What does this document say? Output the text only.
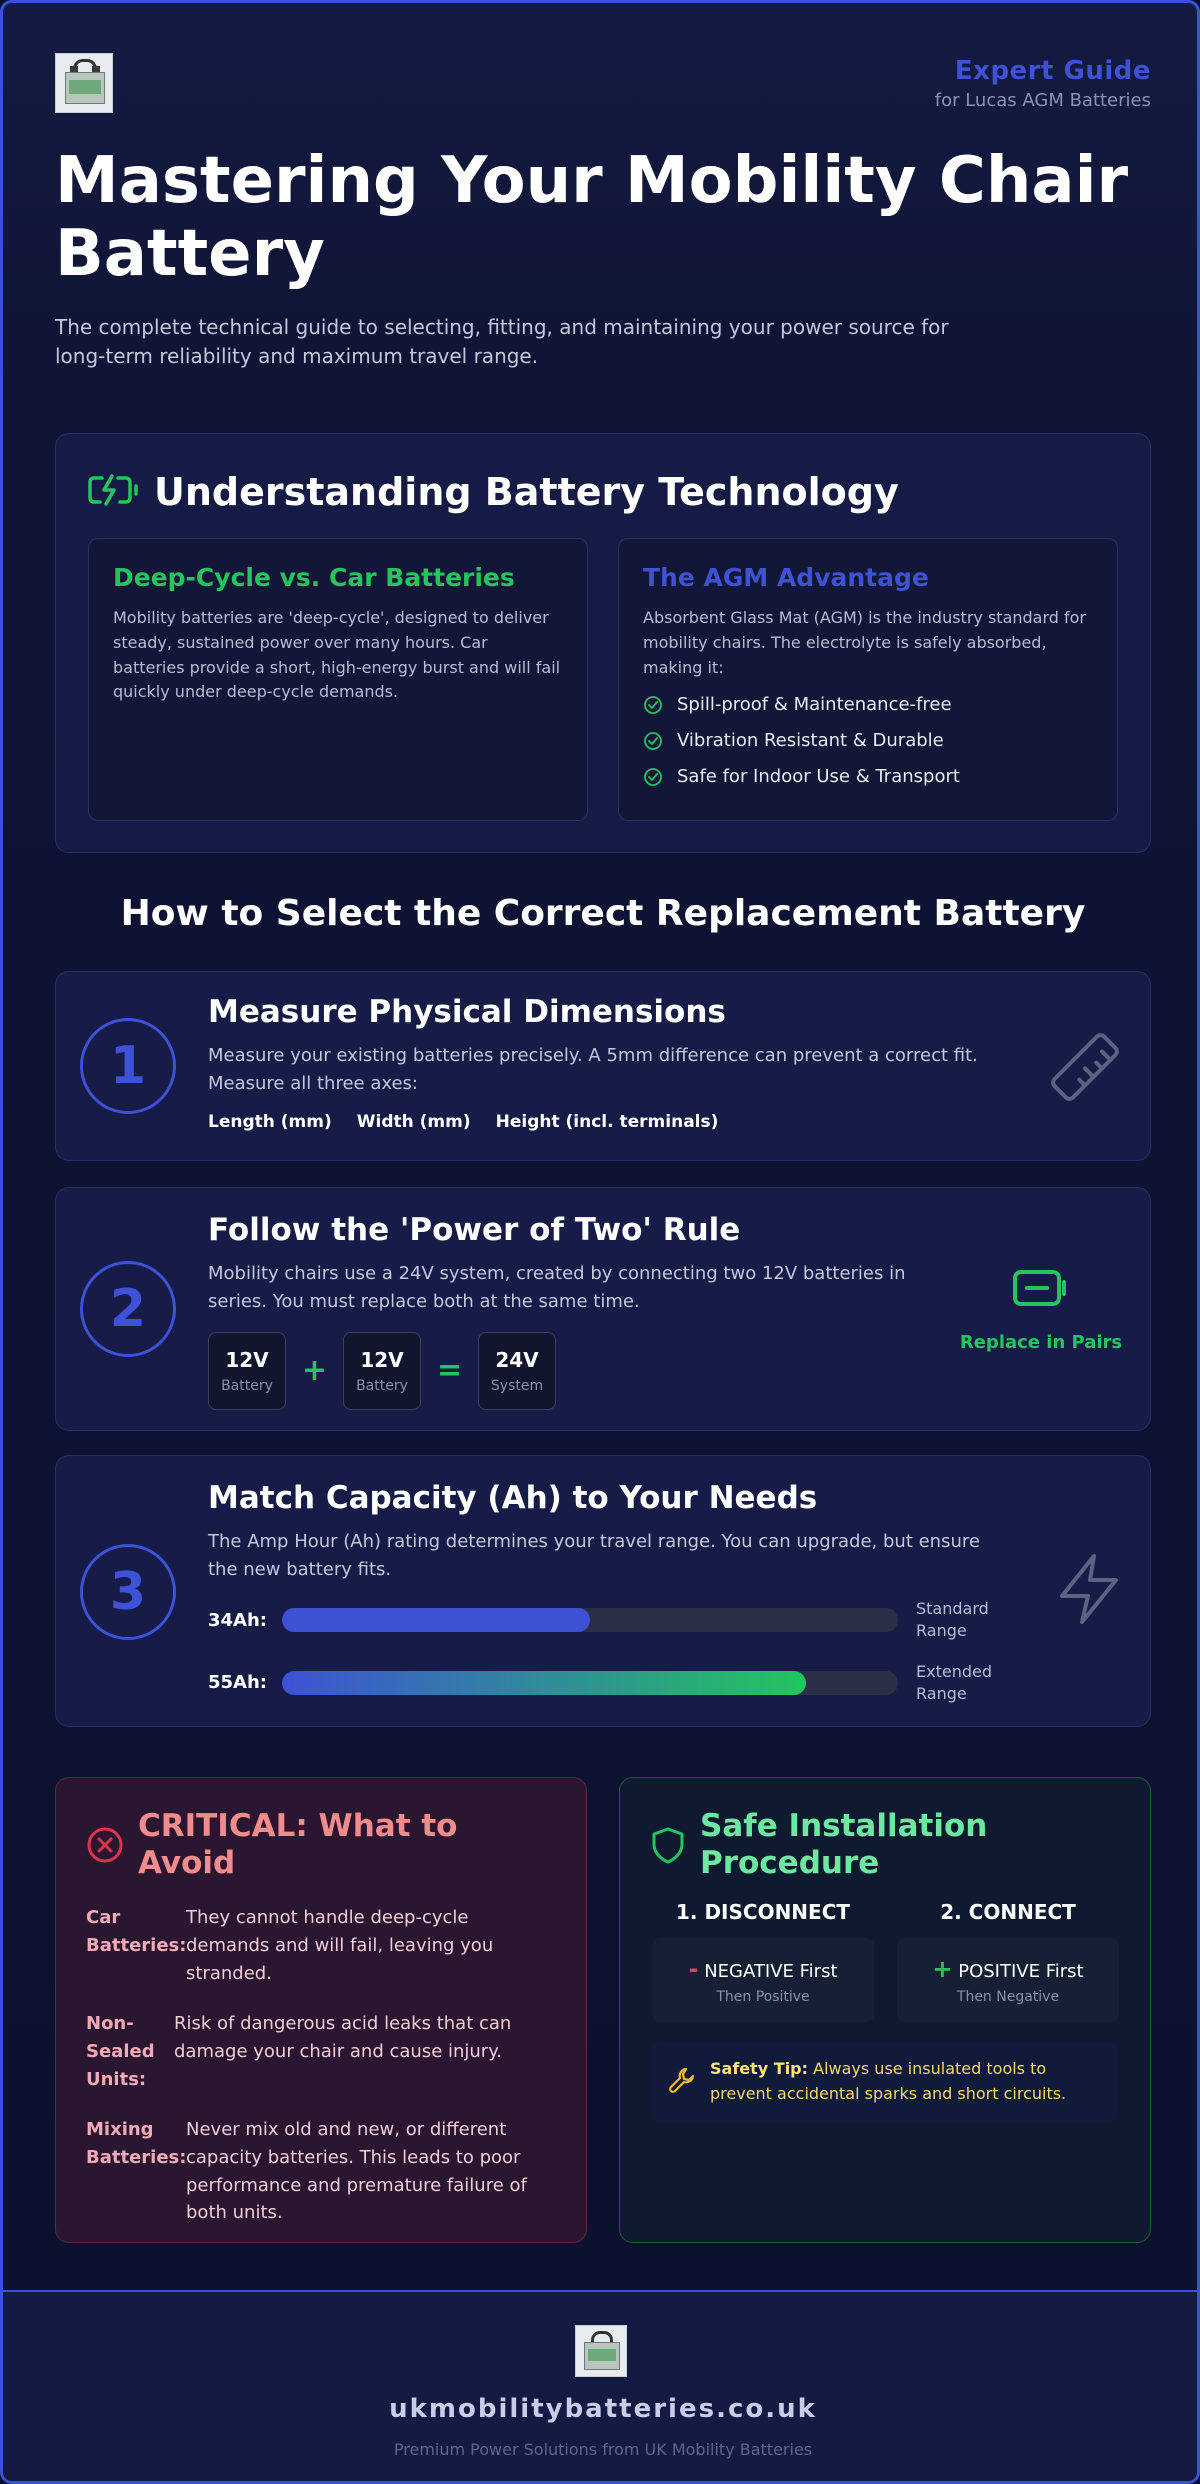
Expert Guide
for Lucas AGM Batteries
Mastering Your Mobility Chair Battery

The complete technical guide to selecting, fitting, and maintaining your power source for long-term reliability and maximum travel range.

Understanding Battery Technology
Deep-Cycle vs. Car Batteries

Mobility batteries are 'deep-cycle', designed to deliver steady, sustained power over many hours. Car batteries provide a short, high-energy burst and will fail quickly under deep-cycle demands.

The AGM Advantage

Absorbent Glass Mat (AGM) is the industry standard for mobility chairs. The electrolyte is safely absorbed, making it:

Spill-proof & Maintenance-free
Vibration Resistant & Durable
Safe for Indoor Use & Transport
How to Select the Correct Replacement Battery
1
Measure Physical Dimensions

Measure your existing batteries precisely. A 5mm difference can prevent a correct fit. Measure all three axes:

Length (mm) Width (mm) Height (incl. terminals)
2
Follow the 'Power of Two' Rule

Mobility chairs use a 24V system, created by connecting two 12V batteries in series. You must replace both at the same time.

12V
Battery +	12V
Battery =	24V
System
Replace in Pairs
3
Match Capacity (Ah) to Your Needs

The Amp Hour (Ah) rating determines your travel range. You can upgrade, but ensure the new battery fits.

34Ah:
Standard Range
55Ah:
Extended Range
CRITICAL: What to Avoid
Car Batteries:
They cannot handle deep-cycle demands and will fail, leaving you stranded.
Non-Sealed Units:
Risk of dangerous acid leaks that can damage your chair and cause injury.
Mixing Batteries:
Never mix old and new, or different capacity batteries. This leads to poor performance and premature failure of both units.
Safe Installation Procedure
1. DISCONNECT
- NEGATIVE First
Then Positive
2. CONNECT
+ POSITIVE First
Then Negative
Safety Tip: Always use insulated tools to prevent accidental sparks and short circuits.
ukmobilitybatteries.co.uk
Premium Power Solutions from UK Mobility Batteries
